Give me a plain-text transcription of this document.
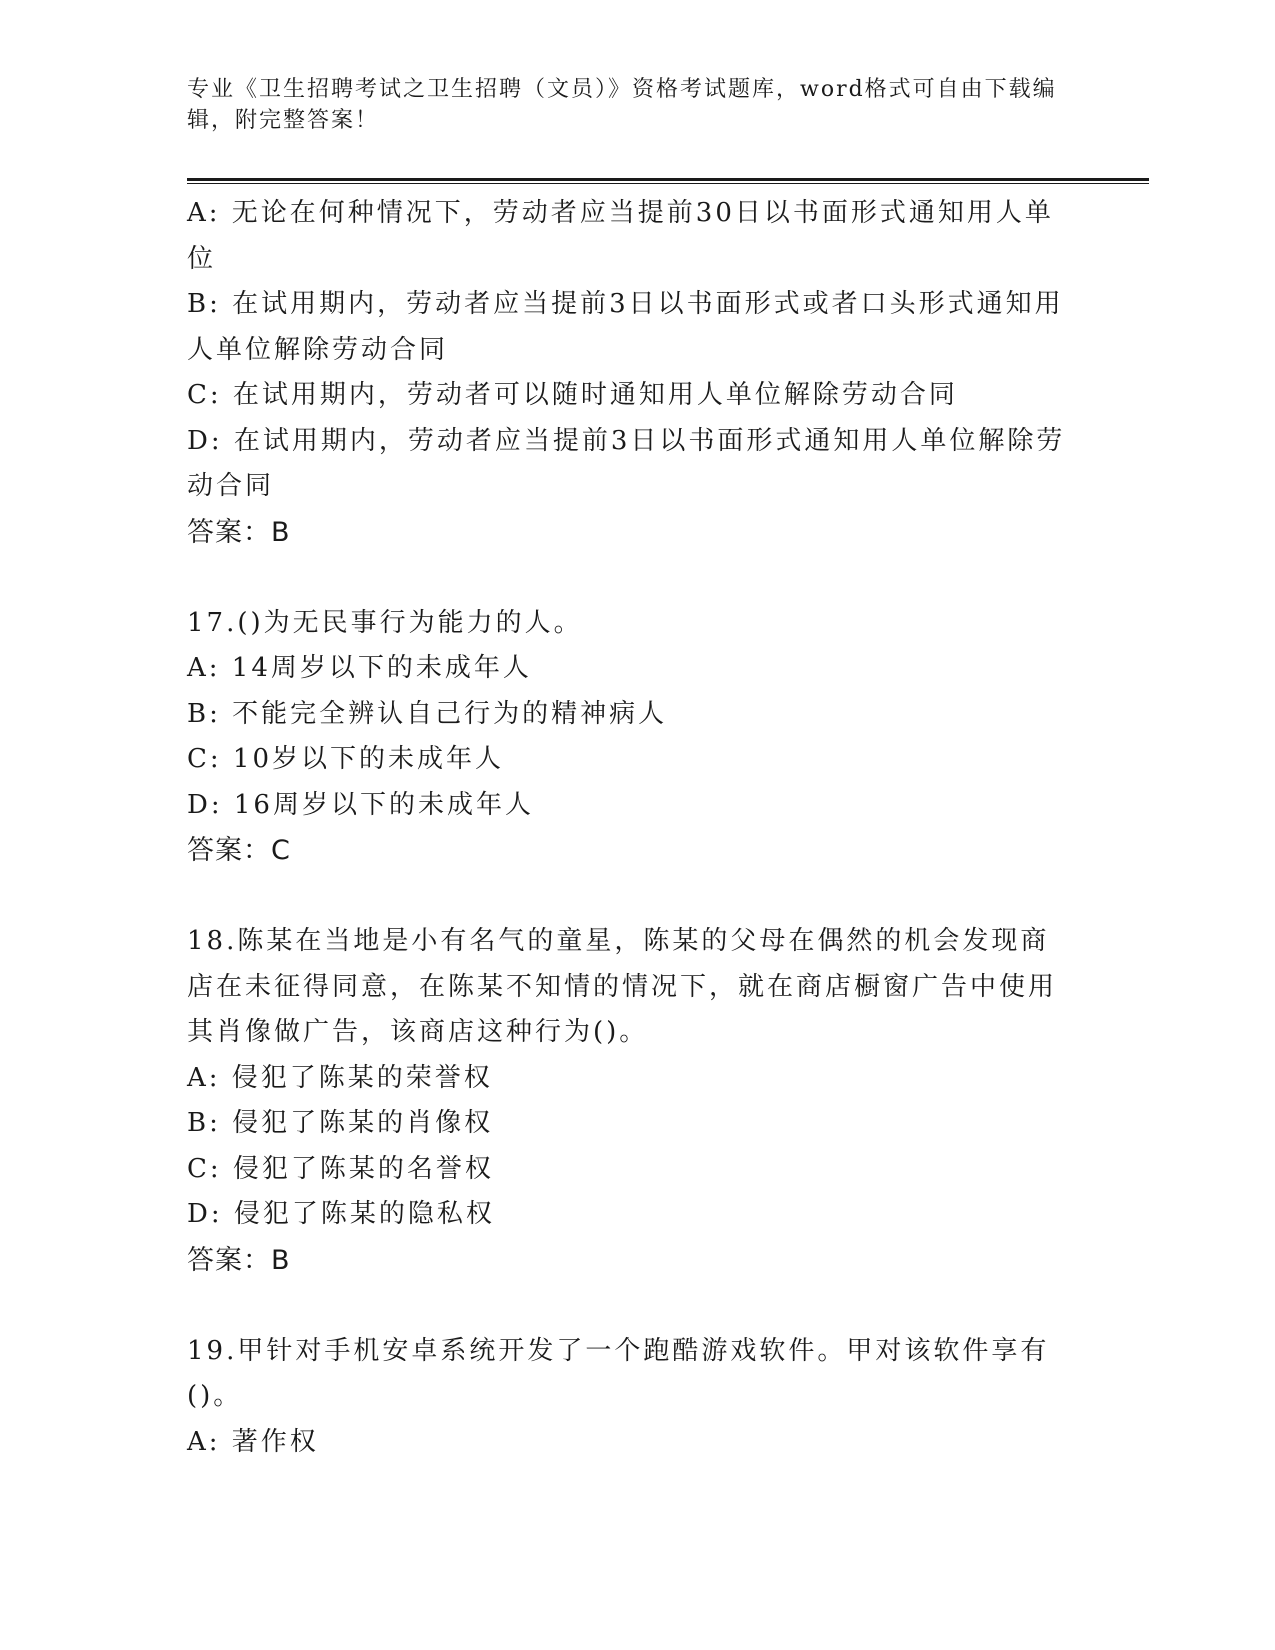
专业《卫生招聘考试之卫生招聘（文员）》资格考试题库，word格式可自由下载编辑，附完整答案！
A: 无论在何种情况下，劳动者应当提前30日以书面形式通知用人单位
B: 在试用期内，劳动者应当提前3日以书面形式或者口头形式通知用人单位解除劳动合同
C: 在试用期内，劳动者可以随时通知用人单位解除劳动合同
D: 在试用期内，劳动者应当提前3日以书面形式通知用人单位解除劳动合同
答案：B
17.()为无民事行为能力的人。
A: 14周岁以下的未成年人
B: 不能完全辨认自己行为的精神病人
C: 10岁以下的未成年人
D: 16周岁以下的未成年人
答案：C
18.陈某在当地是小有名气的童星，陈某的父母在偶然的机会发现商店在未征得同意，在陈某不知情的情况下，就在商店橱窗广告中使用其肖像做广告，该商店这种行为()。
A: 侵犯了陈某的荣誉权
B: 侵犯了陈某的肖像权
C: 侵犯了陈某的名誉权
D: 侵犯了陈某的隐私权
答案：B
19.甲针对手机安卓系统开发了一个跑酷游戏软件。甲对该软件享有()。
A: 著作权
